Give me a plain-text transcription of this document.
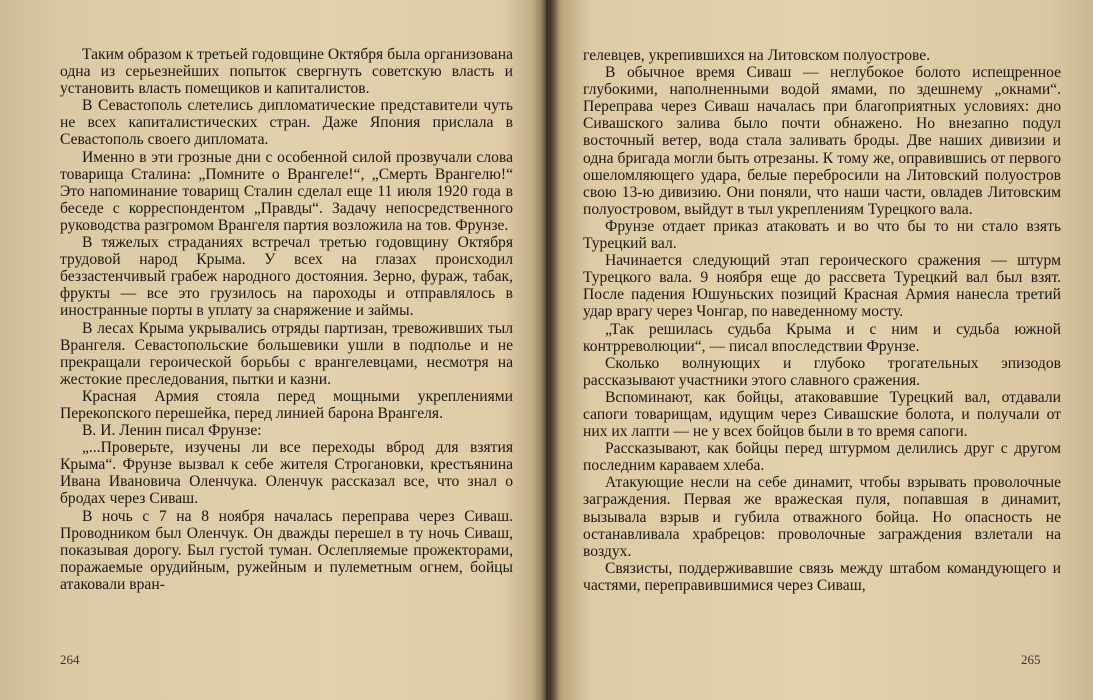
Таким образом к третьей годовщине Октября была организована одна из серьезнейших попыток свергнуть советскую власть и установить власть помещиков и капиталистов.

В Севастополь слетелись дипломатические представители чуть не всех капиталистических стран. Даже Япония прислала в Севастополь своего дипломата.

Именно в эти грозные дни с особенной силой прозвучали слова товарища Сталина: „Помните о Врангеле!“, „Смерть Врангелю!“ Это напоминание товарищ Сталин сделал еще 11 июля 1920 года в беседе с корреспондентом „Правды“. Задачу непосредственного руководства разгромом Врангеля партия возложила на тов. Фрунзе.

В тяжелых страданиях встречал третью годовщину Октября трудовой народ Крыма. У всех на глазах происходил беззастенчивый грабеж народного достояния. Зерно, фураж, табак, фрукты — все это грузилось на пароходы и отправлялось в иностранные порты в уплату за снаряжение и займы.

В лесах Крыма укрывались отряды партизан, тревожившиx тыл Врангеля. Севастопольские большевики ушли в подполье и не прекращали героической борьбы с врангелевцами, несмотря на жестокие преследования, пытки и казни.

Красная Армия стояла перед мощными укреплениями Перекопского перешейка, перед линией барона Врангеля.

В. И. Ленин писал Фрунзе:

„...Проверьте, изучены ли все переходы вброд для взятия Крыма“. Фрунзе вызвал к себе жителя Строгановки, крестьянина Ивана Ивановича Оленчука. Оленчук рассказал все, что знал о бродах через Сиваш.

В ночь с 7 на 8 ноября началась переправа через Сиваш. Проводником был Оленчук. Он дважды перешел в ту ночь Сиваш, показывая дорогу. Был густой туман. Ослепляемые прожекторами, поражаемые орудийным, ружейным и пулеметным огнем, бойцы атаковали вран-

264

гелевцев, укрепившихся на Литовском полуострове.

В обычное время Сиваш — неглубокое болото испещренное глубокими, наполненными водой ямами, по здешнему „окнами“. Переправа через Сиваш началась при благоприятных условиях: дно Сивашского залива было почти обнажено. Но внезапно подул восточный ветер, вода стала заливать броды. Две наших дивизии и одна бригада могли быть отрезаны. К тому же, оправившись от первого ошеломляющего удара, белые перебросили на Литовский полуостров свою 13-ю дивизию. Они поняли, что наши части, овладев Литовским полуостровом, выйдут в тыл укреплениям Турецкого вала.

Фрунзе отдает приказ атаковать и во что бы то ни стало взять Турецкий вал.

Начинается следующий этап героического сражения — штурм Турецкого вала. 9 ноября еще до рассвета Турецкий вал был взят. После падения Юшуньских позиций Красная Армия нанесла третий удар врагу через Чонгар, по наведенному мосту.

„Так решилась судьба Крыма и с ним и судьба южной контрреволюции“, — писал впоследствии Фрунзе.

Сколько волнующих и глубоко трогательных эпизодов рассказывают участники этого славного сражения.

Вспоминают, как бойцы, атаковавшие Турецкий вал, отдавали сапоги товарищам, идущим через Сивашские болота, и получали от них их лапти — не у всех бойцов были в то время сапоги.

Рассказывают, как бойцы перед штурмом делились друг с другом последним караваем хлеба.

Атакующие несли на себе динамит, чтобы взрывать проволочные заграждения. Первая же вражеская пуля, попавшая в динамит, вызывала взрыв и губила отважного бойца. Но опасность не останавливала храбрецов: проволочные заграждения взлетали на воздух.

Связисты, поддерживавшие связь между штабом командующего и частями, переправившимися через Сиваш,

265
